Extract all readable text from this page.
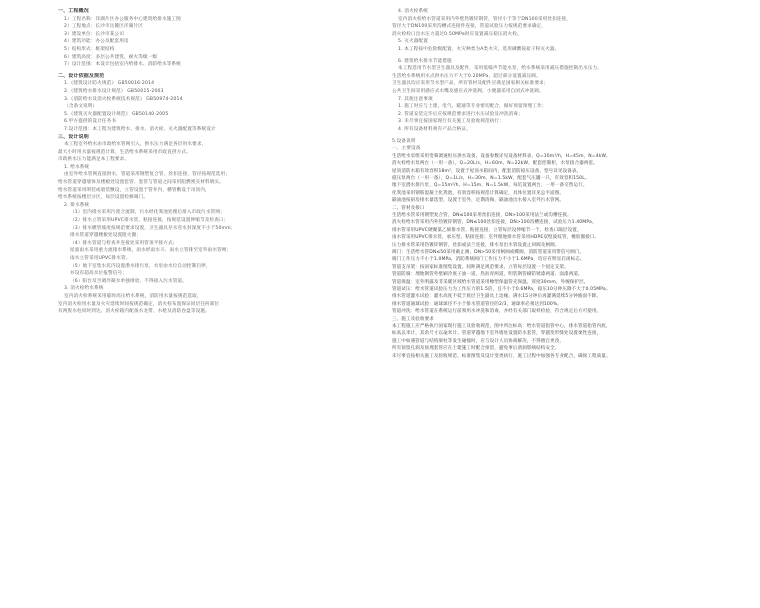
一、工程概况
1）工程名称：洋湖片区办公服务中心建筑给排水施工图
2）工程地点：长沙市岳麓区洋湖片区
3）建设单位：长沙市某公司
4）建筑功能：办公及配套用房
5）结构形式：框架结构
6）建筑高度：多层公共建筑，耐火等级一级
7）设计范围：本设计包括室内给排水、消防给水等系统
二、设计依据及规范
1.《建筑设计防火规范》 GB50016-2014
2.《建筑给水排水设计规范》 GB50015-2003
3.《消防给水及消火栓系统技术规范》 GB50974-2014
（含条文说明）
5.《建筑灭火器配置设计规范》 GB50140-2005
6.甲方提供的设计任务书
7.设计范围：本工程为建筑给水、排水、消火栓、灭火器配置等系统设计
三、设计说明
本工程室外给水由市政给水管网引入，供水压力满足各层用水要求，
最大小时用水量按规范计算，生活给水系统采用市政直供方式。
市政供水压力能满足本工程要求。
1. 给水系统
由室外给水管网直接供水，管道采用钢塑复合管，丝扣连接，管径按规范选用；
给水管道穿越墙体及楼板处设置套管，套管与管道之间采用阻燃密实材料填实。
给水管道采用明装或暗装敷设，立管设置于管井内，横管敷设于吊顶内，
给水系统按楼层分区，每层设置检修阀门。
2. 排水系统
（1）室内排水采用污废合流制，污水经化粪池处理后排入市政污水管网；
（2）排水立管采用UPVC排水管，粘接连接，按规范设置伸缩节及检查口；
（3）排水横管坡度按规范要求设置，卫生器具存水弯水封深度不小于50mm；
排水管道穿越楼板处设置阻火圈；
（4）排水管道与检查井连接处采用管顶平接方式；
屋面雨水采用重力流排水系统，雨水经雨水斗、雨水立管排至室外雨水管网；
雨水立管采用UPVC排水管。
（5）地下室集水坑内设置潜水排污泵，水泵由水位自动控制启停，
并设有超高水位报警信号；
（6）阳台及空调冷凝水单独排放，不得接入污水管道。
3. 消火栓给水系统
室内消火栓系统采用临时高压给水系统，消防用水量按规范选取，
室内消火栓用水量及火灾延续时间按规范确定，消火栓布置保证同层任何部位
有两股水柱同时到达，消火栓箱内配备水龙带、水枪及消防卷盘等设施。
4. 消火栓系统
室内消火栓给水管道采用内外壁热镀锌钢管，管径小于等于DN100采用丝扣连接，
管径大于DN100采用沟槽式连接件连接，管道试验压力按规范要求确定，
消火栓栓口出水压力超过0.50MPa时应设置减压稳压消火栓。
5. 灭火器配置
1. 本工程按中危险级配置，火灾种类为A类火灾，选用磷酸铵盐干粉灭火器。
6. 建筑给水排水节能措施
本工程选用节水型卫生器具及配件，采用低噪声节能水泵，给水系统采用减压措施控制出水压力，
生活给水系统用水点供水压力不大于0.20MPa，超过部分设置减压阀。
卫生器具均应采用节水型产品，所有管材及配件应满足国家相关标准要求；
公共卫生间采用感应式水嘴及感应式冲洗阀，小便器采用自闭式冲洗阀。
7. 其他注意事项
1. 施工时应与土建、电气、暖通等专业密切配合，做好预留预埋工作；
2. 管道安装完毕后应按规范要求进行水压试验及冲洗消毒；
3. 未尽事宜按国家现行有关施工及验收规范执行；
4. 所有设备材料须有产品合格证。
5.设备说明
一、主要设备
生活给水泵组采用变频调速恒压供水设备，设备参数详见设备材料表，Q=10m³/h，H=45m，N=4kW。
消火栓给水泵两台（一用一备），Q=20L/s，H=60m，N=22kW，配套控制柜，水泵接合器两套。
屋顶消防水箱有效容积18m³，设置于屋顶水箱间内，配套消防稳压设备，型号详见设备表。
稳压泵两台（一用一备），Q=1L/s，H=30m，N=1.5kW，配套气压罐一只，有效容积150L。
地下室潜水排污泵，Q=15m³/h，H=15m，N=1.5kW，每坑设置两台，一用一备交替运行。
化粪池采用钢筋混凝土化粪池，有效容积按规范计算确定，具体位置详见总平面图。
隔油池按厨房排水量选型，设置于室外，定期清掏，隔油池出水接入室外污水管网。
二、管材及接口
生活给水管采用钢塑复合管，DN≤100采用丝扣连接，DN>100采用法兰或沟槽连接。
消火栓给水管采用内外热镀锌钢管，DN≤100丝扣连接，DN>100沟槽连接，试验压力1.40MPa。
排水管采用UPVC硬聚氯乙烯排水管，粘接连接，立管每层设伸缩节一个，检查口隔层设置。
雨水管采用UPVC排水管，承压型，粘接连接；室外埋地排水管采用HDPE双壁波纹管，橡胶圈接口。
压力排水管采用热镀锌钢管，丝扣或法兰连接，排水泵出水管设置止回阀及闸阀。
阀门：生活给水管DN≤50采用截止阀，DN>50采用闸阀或蝶阀，消防管道采用带信号阀门。
阀门工作压力不小于1.0MPa，消防系统阀门工作压力不小于1.6MPa，均应有明显启闭标志。
管道支吊架：按国家标准图集设置，间距满足规范要求，立管每层设置一个固定支架。
管道防腐：埋地钢管外壁刷冷底子油一道、热沥青两道，明装钢管刷防锈漆两道、面漆两道。
管道保温：室外明露及非采暖区域给水管道采用橡塑保温管壳保温，厚度30mm，外缠保护层。
管道试压：给水管道试验压力为工作压力的1.5倍，且不小于0.6MPa，稳压10分钟压降不大于0.05MPa。
排水管道灌水试验：灌水高度不低于底层卫生器具上边缘，满水15分钟后再灌满延续5分钟液面不降。
排水管道通球试验：通球球径不小于排水管道管径的2/3，通球率必须达到100%。
管道冲洗：给水管道在系统运行前须用水冲洗和消毒，并经有关部门取样检验，符合规定后方可使用。
三、施工及验收要求
本工程施工应严格执行国家现行施工及验收规范，图中所注标高：给水管道指管中心，排水管道指管内底，
标高以米计，其余尺寸以毫米计。管道穿越地下室外墙处设置防水套管，穿越变形缝处设置柔性连接，
施工中如遇管道与结构梁柱等发生碰撞时，应与设计人员协商解决，不得擅自更改，
所有预留孔洞及预埋套管应在土建施工时配合预留，避免事后凿洞影响结构安全。
未尽事宜按相关施工及验收规范、标准图集及设计变更执行，施工过程中加强各专业配合，确保工程质量。
